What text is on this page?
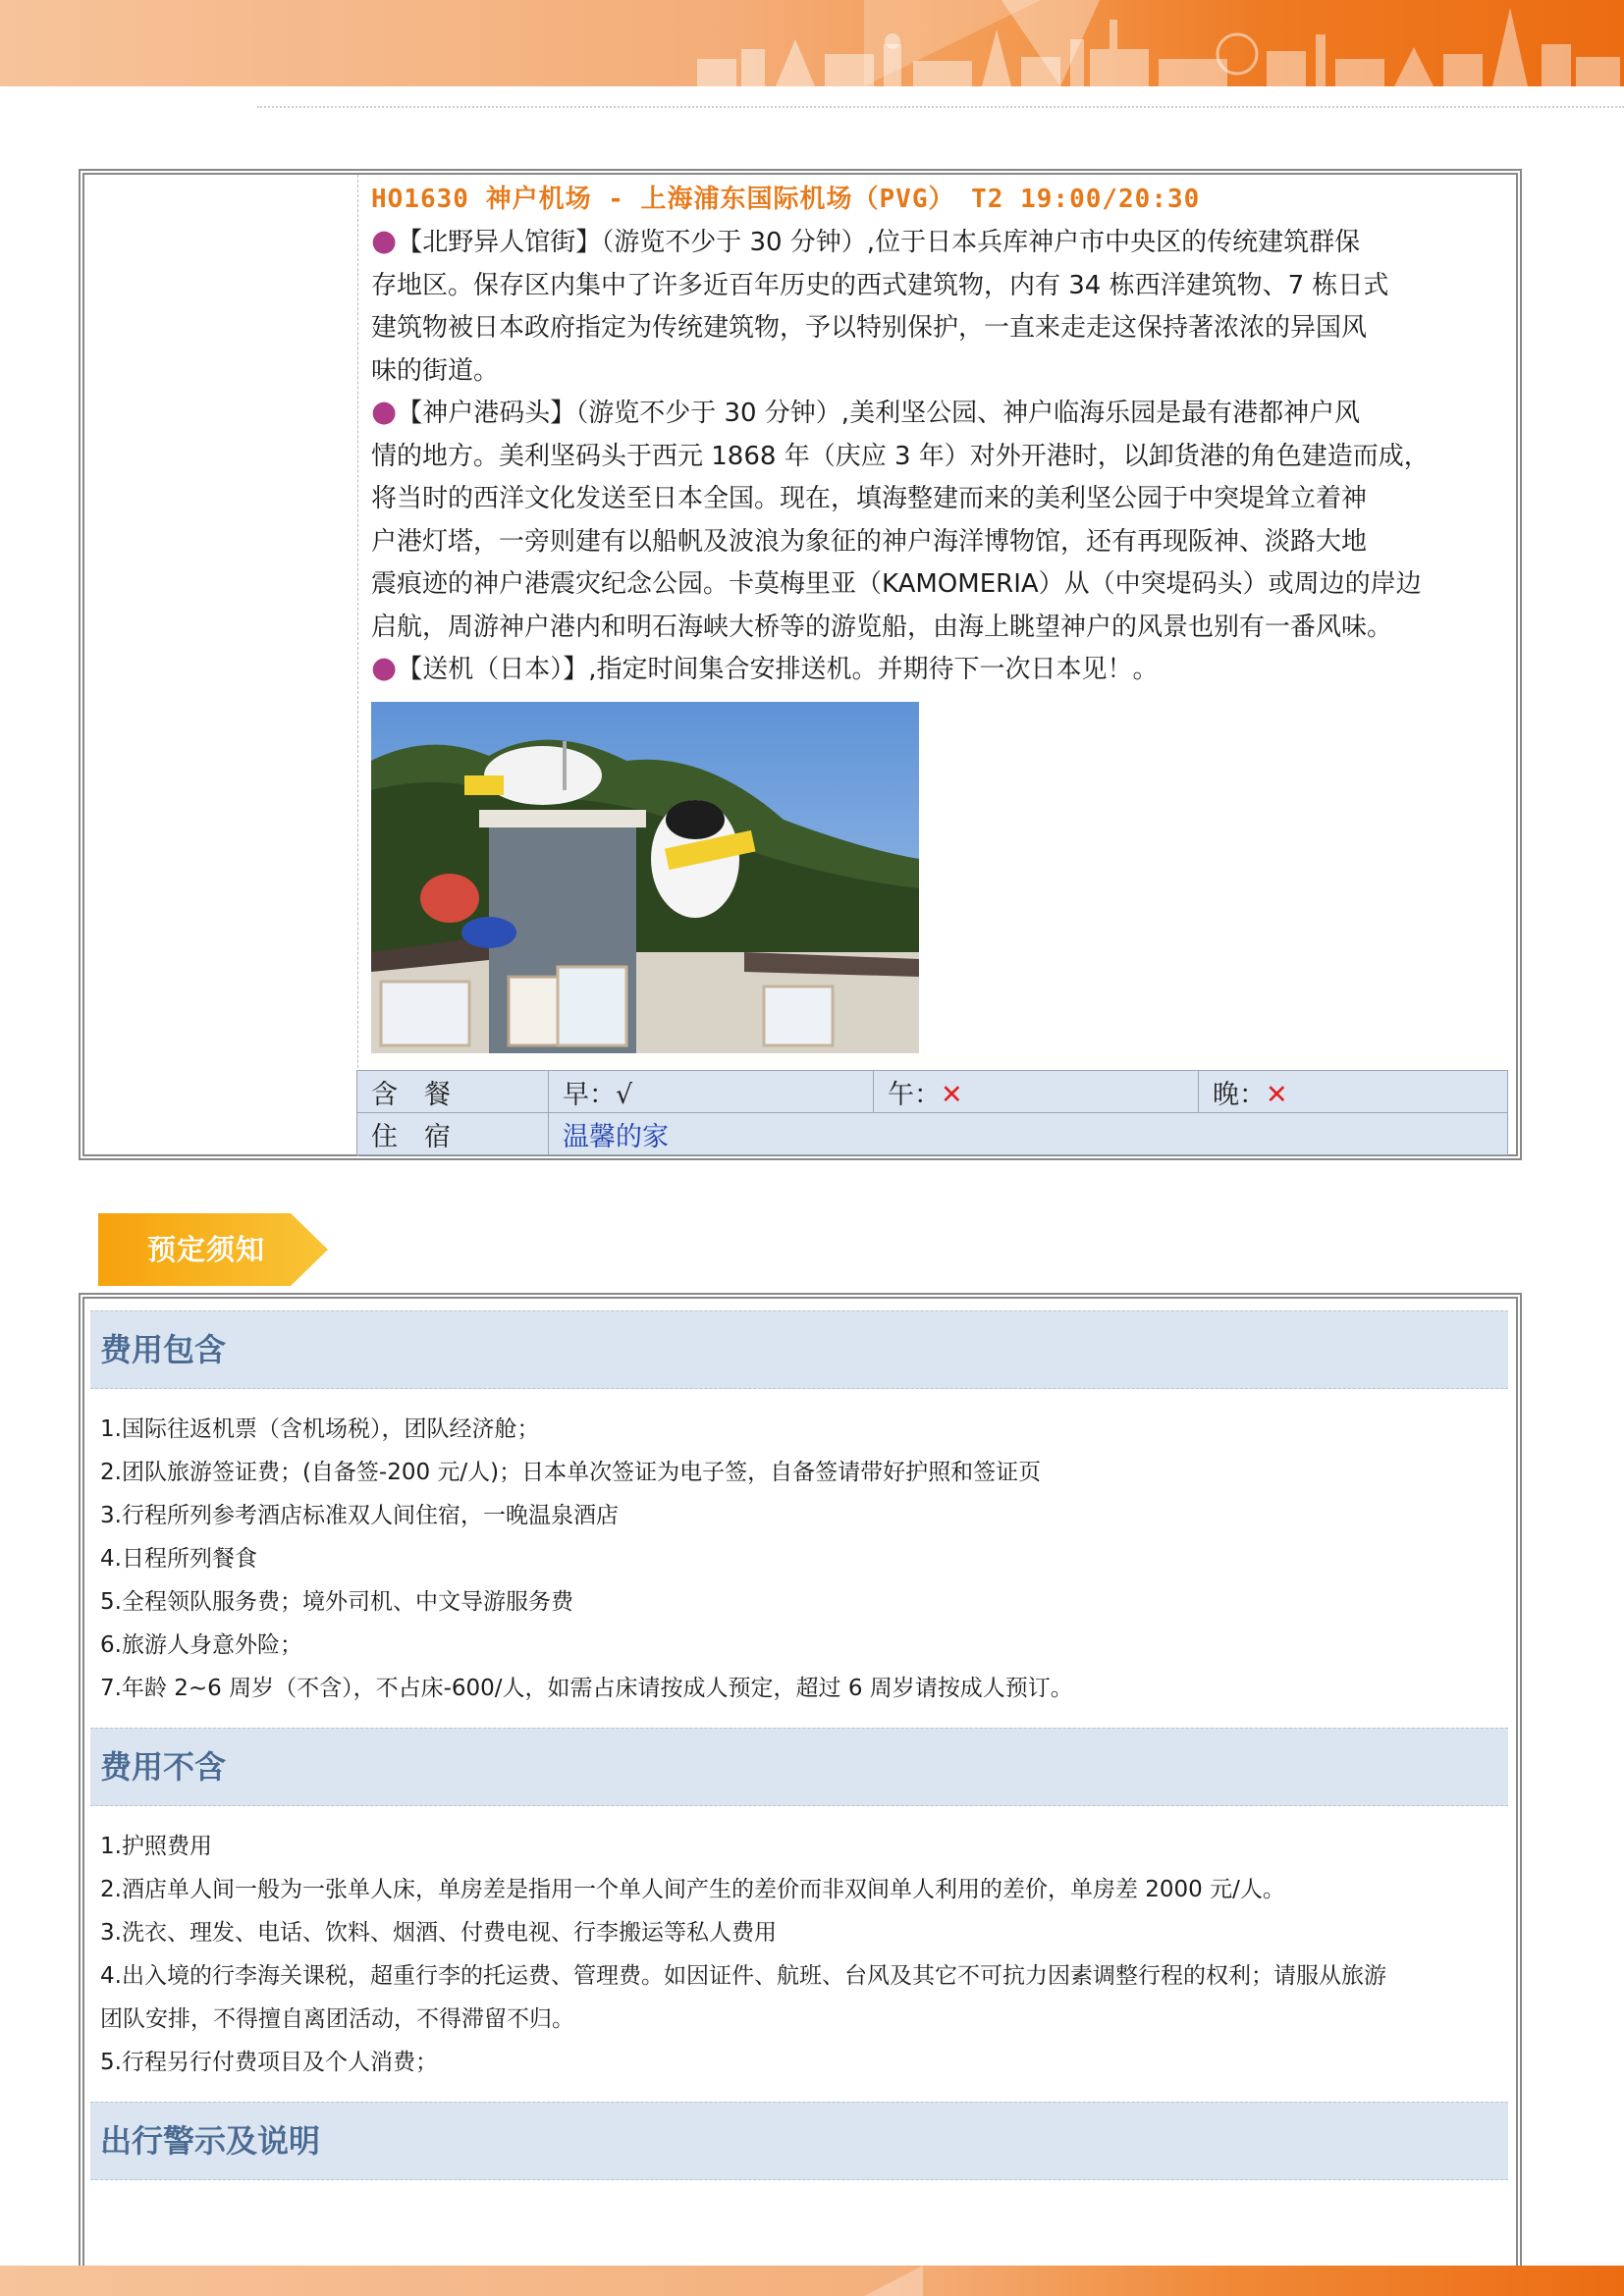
HO1630 神户机场 - 上海浦东国际机场（PVG） T2 19:00/20:30
●【北野异人馆街】（游览不少于 30 分钟）,位于日本兵库神户市中央区的传统建筑群保
存地区。保存区内集中了许多近百年历史的西式建筑物，内有 34 栋西洋建筑物、7 栋日式
建筑物被日本政府指定为传统建筑物，予以特别保护，一直来走走这保持著浓浓的异国风
味的街道。
●【神户港码头】（游览不少于 30 分钟）,美利坚公园、神户临海乐园是最有港都神户风
情的地方。美利坚码头于西元 1868 年（庆应 3 年）对外开港时，以卸货港的角色建造而成，
将当时的西洋文化发送至日本全国。现在，填海整建而来的美利坚公园于中突堤耸立着神
户港灯塔，一旁则建有以船帆及波浪为象征的神户海洋博物馆，还有再现阪神、淡路大地
震痕迹的神户港震灾纪念公园。卡莫梅里亚（KAMOMERIA）从（中突堤码头）或周边的岸边
启航，周游神户港内和明石海峡大桥等的游览船，由海上眺望神户的风景也别有一番风味。
●【送机（日本）】,指定时间集合安排送机。并期待下一次日本见！。
含　餐	早：√	午：✕	晚：✕
住　宿	温馨的家		
预定须知
费用包含
1.国际往返机票（含机场税），团队经济舱；
2.团队旅游签证费；(自备签-200 元/人)；日本单次签证为电子签，自备签请带好护照和签证页
3.行程所列参考酒店标准双人间住宿，一晚温泉酒店
4.日程所列餐食
5.全程领队服务费；境外司机、中文导游服务费
6.旅游人身意外险；
7.年龄 2~6 周岁（不含），不占床-600/人，如需占床请按成人预定，超过 6 周岁请按成人预订。
费用不含
1.护照费用
2.酒店单人间一般为一张单人床，单房差是指用一个单人间产生的差价而非双间单人利用的差价，单房差 2000 元/人。
3.洗衣、理发、电话、饮料、烟酒、付费电视、行李搬运等私人费用
4.出入境的行李海关课税，超重行李的托运费、管理费。如因证件、航班、台风及其它不可抗力因素调整行程的权利；请服从旅游
团队安排，不得擅自离团活动，不得滞留不归。
5.行程另行付费项目及个人消费；
出行警示及说明
